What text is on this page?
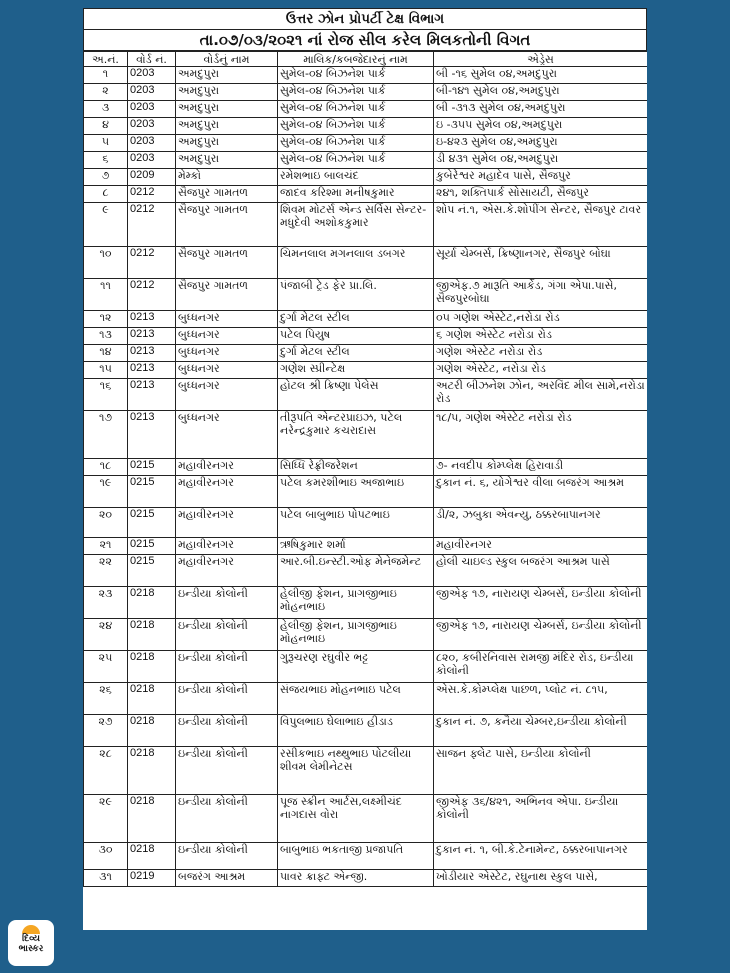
ઉત્તર ઝોન પ્રોપર્ટી ટેક્ષ વિભાગ
તા.૦૭/૦૩/૨૦૨૧ નાં રોજ સીલ કરેલ મિલકતોની વિગત
અ.નં.	વોર્ડ નં.	વોર્ડનું નામ	માલિક/કબજેદારનું નામ	એડ્રેસ
૧	0203	અમદુપુરા	સુમેલ-૦૪ બિઝનેશ પાર્ક	બી -૧૬ સુમેલ ૦૪,અમદુપુરા
૨	0203	અમદુપુરા	સુમેલ-૦૪ બિઝનેશ પાર્ક	બી-૧૪૧ સુમેલ ૦૪,અમદુપુરા
૩	0203	અમદુપુરા	સુમેલ-૦૪ બિઝનેશ પાર્ક	બી -૩૧૩ સુમેલ ૦૪,અમદુપુરા
૪	0203	અમદુપુરા	સુમેલ-૦૪ બિઝનેશ પાર્ક	ઇ -૩૫૫ સુમેલ ૦૪,અમદુપુરા
૫	0203	અમદુપુરા	સુમેલ-૦૪ બિઝનેશ પાર્ક	ઇ-૪૨૩ સુમેલ ૦૪,અમદુપુરા
૬	0203	અમદુપુરા	સુમેલ-૦૪ બિઝનેશ પાર્ક	ડી ૪૩૧ સુમેલ ૦૪,અમદુપુરા
૭	0209	મેમ્કો	રમેશભાઇ બાલચંદ	કુબેરેશ્વર મહાદેવ પાસે, સૈજપુર
૮	0212	સૈજપુર ગામતળ	જાદવ કરિશ્મા મનીષકુમાર	૨૪૧, શક્તિપાર્ક સોસાયટી, સૈજપુર
૯	0212	સૈજપુર ગામતળ	શિવમ મોટર્સ એન્ડ સર્વિસ સેન્ટર- મધુદેવી અશોકકુમાર	શોપ નં.૧, એસ.કે.શોપીંગ સેન્ટર, સૈજપુર ટાવર
૧૦	0212	સૈજપુર ગામતળ	ચિમનલાલ મગનલાલ ડબગર	સૂર્યા ચેમ્બર્સ, ક્રિષ્ણાનગર, સૈજપુર બોઘા
૧૧	0212	સૈજપુર ગામતળ	પંજાબી ટ્રેડ ફેર પ્રા.લિ.	જીએફ.૭ મારૂતિ આર્કેડ, ગંગા એપા.પાસે, સૈજપુરબોઘા
૧૨	0213	બુધ્ધનગર	દુર્ગા મેટલ સ્ટીલ	૦૫ ગણેશ એસ્ટેટ,નરોડા રોડ
૧૩	0213	બુધ્ધનગર	પટેલ પિયુષ	૬ ગણેશ એસ્ટેટ નરોડા રોડ
૧૪	0213	બુધ્ધનગર	દુર્ગા મેટલ સ્ટીલ	ગણેશ એસ્ટેટ નરોડા રોડ
૧૫	0213	બુધ્ધનગર	ગણેશ સ્પ્રીન્ટેક્ષ	ગણેશ એસ્ટેટ, નરોડા રોડ
૧૬	0213	બુધ્ધનગર	હોટલ શ્રી ક્રિષ્ણા પેલેસ	અટરી બીઝનેશ ઝોન, અરવિંદ મીલ સામે,નરોડા રોડ
૧૭	0213	બુધ્ધનગર	તીરૂપતિ એન્ટરપ્રાઇઝ, પટેલ નરેન્દ્રકુમાર કચરાદાસ	૧૮/૫, ગણેશ એસ્ટેટ નરોડા રોડ
૧૮	0215	મહાવીરનગર	સિધ્ધિ રેફ્રીજરેશન	૭- નવદીપ કોમ્પ્લેક્ષ હિરાવાડી
૧૯	0215	મહાવીરનગર	પટેલ કમરશીભાઇ અજાભાઇ	દુકાન નં. ૬, યોગેશ્વર વીલા બજરંગ આશ્રમ
૨૦	0215	મહાવીરનગર	પટેલ બાબુભાઇ પોપટભાઇ	ડી/૨, ઝબુકા એવન્યુ, ઠક્કરબાપાનગર
૨૧	0215	મહાવીરનગર	ઋષિકુમાર શર્મા	મહાવીરનગર
૨૨	0215	મહાવીરનગર	આર.બી.ઇન્સ્ટી.ઓફ મેનેજમેન્ટ	હોલી ચાઇલ્ડ સ્કુલ બજરંગ આશ્રમ પાસે
૨૩	0218	ઇન્ડીયા કોલોની	હેલીજી ફેશન, પ્રાગજીભાઇ મોહનભાઇ	જીએફ ૧૭, નારાયણ ચેમ્બર્સ, ઇન્ડીયા કોલોની
૨૪	0218	ઇન્ડીયા કોલોની	હેલીજી ફેશન, પ્રાગજીભાઇ મોહનભાઇ	જીએફ ૧૭, નારાયણ ચેમ્બર્સ, ઇન્ડીયા કોલોની
૨૫	0218	ઇન્ડીયા કોલોની	ગુરૂચરણ રઘુવીર ભટ્ટ	૮૨૦, કબીરનિવાસ રામજી મંદિર રોડ, ઇન્ડીયા કોલોની
૨૬	0218	ઇન્ડીયા કોલોની	સંજયભાઇ મોહનભાઇ પટેલ	એસ.કે.કોમ્પ્લેક્ષ પાછળ, પ્લોટ નં. ૮૧૫,
૨૭	0218	ઇન્ડીયા કોલોની	વિપુલભાઇ ઘેલાભાઇ હીડાડ	દુકાન નં. ૭, કનૈયા ચેમ્બર,ઇન્ડીયા કોલોની
૨૮	0218	ઇન્ડીયા કોલોની	રસીકભાઇ નથ્થુભાઇ પોટલીયા શીવમ લેમીનેટસ	સાજન ફ્લેટ પાસે, ઇન્ડીયા કોલોની
૨૯	0218	ઇન્ડીયા કોલોની	પૂજ સ્ક્રીન આર્ટસ,લક્ષ્મીચંદ નાગદાસ વોરા	જીએફ ૩૬/૪૨૧, અભિનવ એપા. ઇન્ડીયા કોલોની
૩૦	0218	ઇન્ડીયા કોલોની	બાબુભાઇ ભકતાજી પ્રજાપતિ	દુકાન નં. ૧, બી.કે.ટેનામેન્ટ, ઠક્કરબાપાનગર
૩૧	0219	બજરંગ આશ્રમ	પાવર ક્રાફ્ટ એન્જી.	ખોડીયાર એસ્ટેટ, રઘુનાથ સ્કુલ પાસે,
દિવ્ય
ભાસ્કર
